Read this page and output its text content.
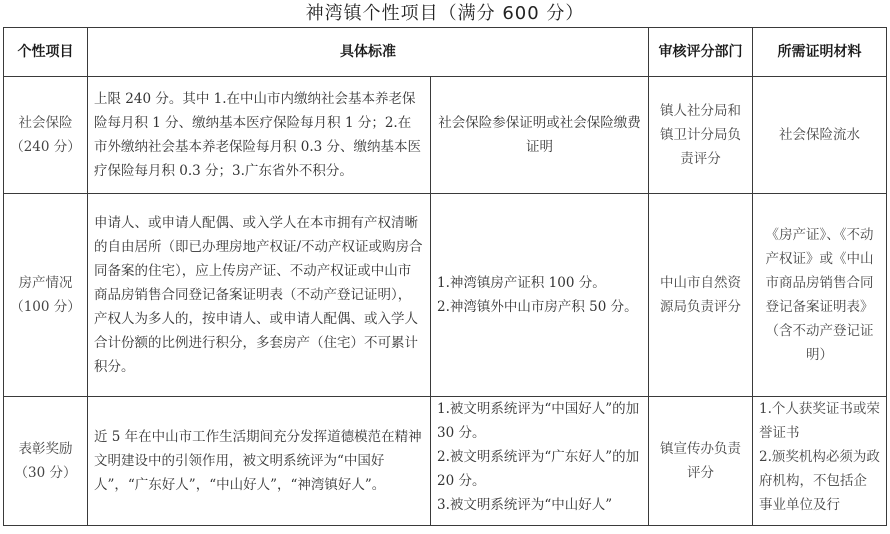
神湾镇个性项目（满分 600 分）
个性项目	具体标准		审核评分部门	所需证明材料

社会保险
（240 分）	上限 240 分。其中 1.在中山市内缴纳社会基本养老保险每月积 1 分、缴纳基本医疗保险每月积 1 分；2.在市外缴纳社会基本养老保险每月积 0.3 分、缴纳基本医疗保险每月积 0.3 分；3.广东省外不积分。	社会保险参保证明或社会保险缴费证明	镇人社分局和镇卫计分局负责评分	社会保险流水

房产情况
（100 分）	申请人、或申请人配偶、或入学人在本市拥有产权清晰的自由居所（即已办理房地产权证/不动产权证或购房合同备案的住宅），应上传房产证、不动产权证或中山市商品房销售合同登记备案证明表（不动产登记证明），产权人为多人的，按申请人、或申请人配偶、或入学人合计份额的比例进行积分，多套房产（住宅）不可累计积分。	1.神湾镇房产证积 100 分。
2.神湾镇外中山市房产积 50 分。	中山市自然资源局负责评分	《房产证》、《不动产权证》或《中山市商品房销售合同登记备案证明表》（含不动产登记证明）

表彰奖励
（30 分）	近 5 年在中山市工作生活期间充分发挥道德模范在精神文明建设中的引领作用，被文明系统评为“中国好人”，“广东好人”，“中山好人”，“神湾镇好人”。	1.被文明系统评为“中国好人”的加 30 分。
2.被文明系统评为“广东好人”的加 20 分。
3.被文明系统评为“中山好人”	镇宣传办负责评分	1.个人获奖证书或荣誉证书
2.颁奖机构必须为政府机构，不包括企事业单位及行
